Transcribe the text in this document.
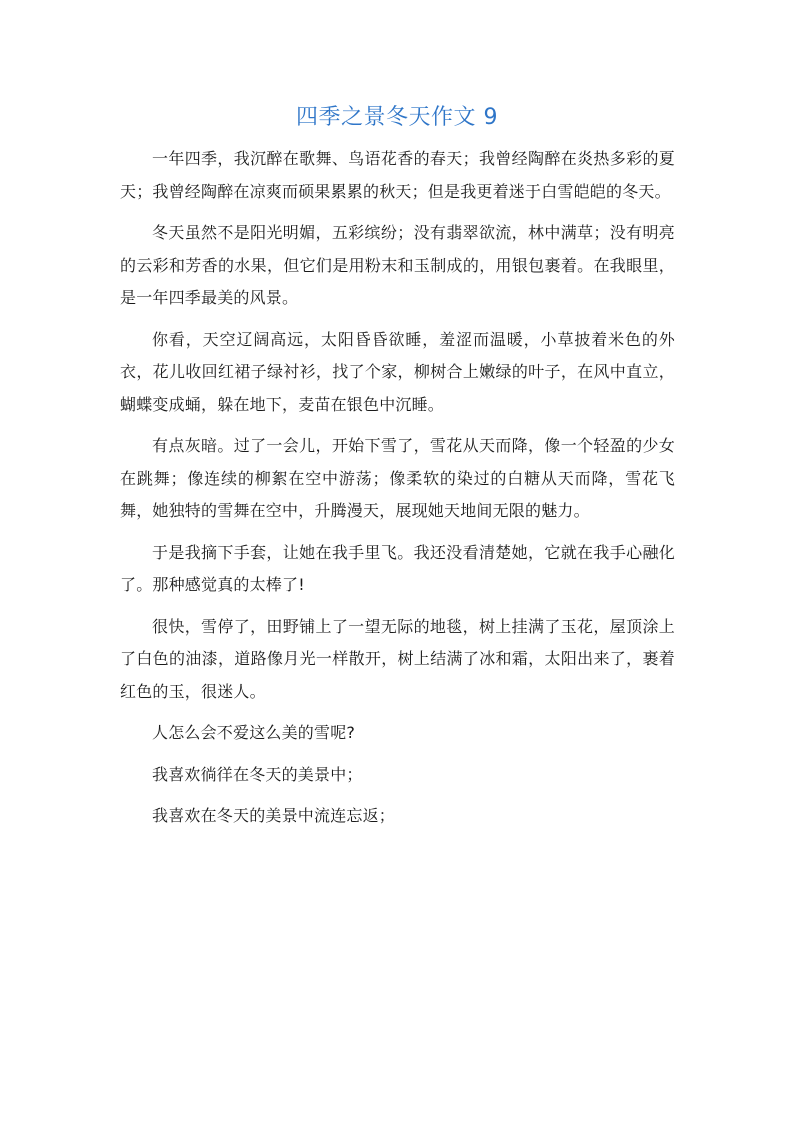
四季之景冬天作文 9

一年四季，我沉醉在歌舞、鸟语花香的春天；我曾经陶醉在炎热多彩的夏天；我曾经陶醉在凉爽而硕果累累的秋天；但是我更着迷于白雪皑皑的冬天。

冬天虽然不是阳光明媚，五彩缤纷；没有翡翠欲流，林中满草；没有明亮的云彩和芳香的水果，但它们是用粉末和玉制成的，用银包裹着。在我眼里，是一年四季最美的风景。

你看，天空辽阔高远，太阳昏昏欲睡，羞涩而温暖，小草披着米色的外衣，花儿收回红裙子绿衬衫，找了个家，柳树合上嫩绿的叶子，在风中直立，蝴蝶变成蛹，躲在地下，麦苗在银色中沉睡。

有点灰暗。过了一会儿，开始下雪了，雪花从天而降，像一个轻盈的少女在跳舞；像连续的柳絮在空中游荡；像柔软的染过的白糖从天而降，雪花飞舞，她独特的雪舞在空中，升腾漫天，展现她天地间无限的魅力。

于是我摘下手套，让她在我手里飞。我还没看清楚她，它就在我手心融化了。那种感觉真的太棒了!

很快，雪停了，田野铺上了一望无际的地毯，树上挂满了玉花，屋顶涂上了白色的油漆，道路像月光一样散开，树上结满了冰和霜，太阳出来了，裹着红色的玉，很迷人。

人怎么会不爱这么美的雪呢?

我喜欢徜徉在冬天的美景中；

我喜欢在冬天的美景中流连忘返；
